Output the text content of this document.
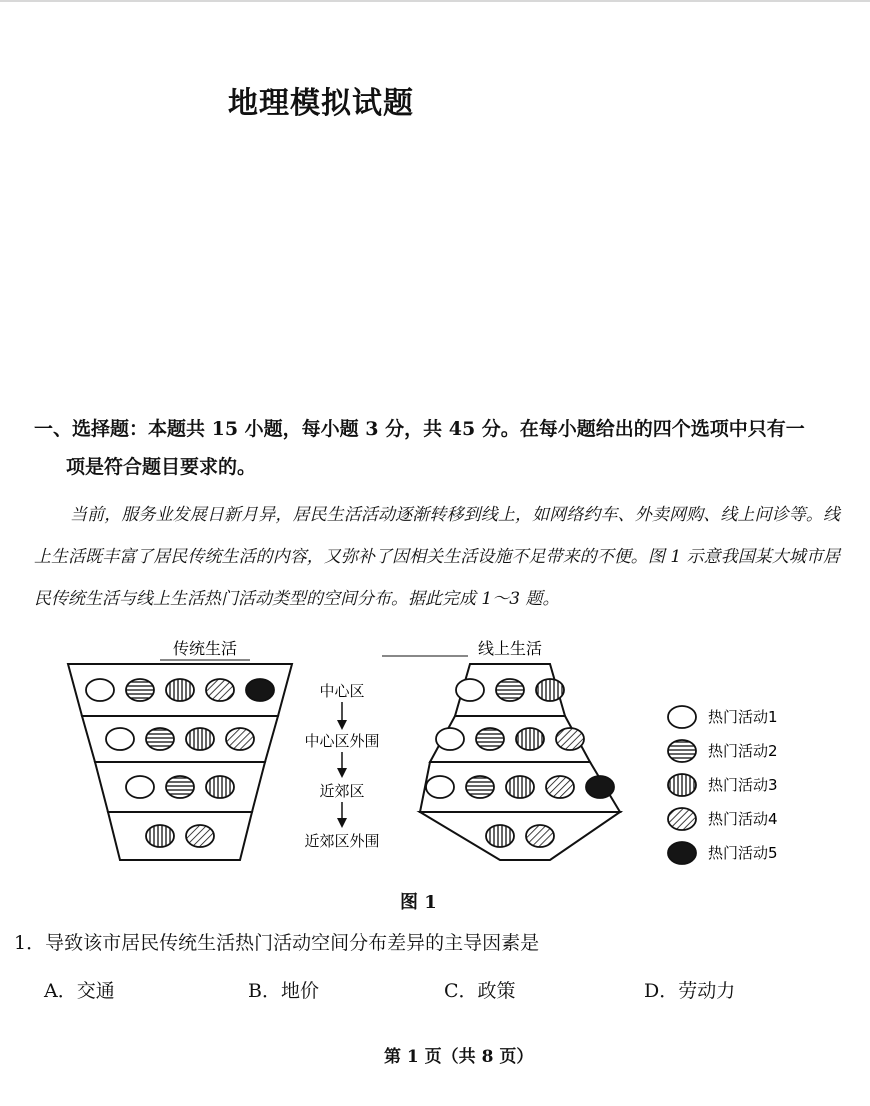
地理模拟试题
一、选择题：本题共 15 小题，每小题 3 分，共 45 分。在每小题给出的四个选项中只有一
项是符合题目要求的。
当前，服务业发展日新月异，居民生活活动逐渐转移到线上，如网络约车、外卖网购、线上问诊等。线上生活既丰富了居民传统生活的内容，又弥补了因相关生活设施不足带来的不便。图 1 示意我国某大城市居民传统生活与线上生活热门活动类型的空间分布。据此完成 1～3 题。
传统生活
中心区
中心区外围
近郊区
近郊区外围
线上生活
热门活动1
热门活动2
热门活动3
热门活动4
热门活动5
图 1
1．导致该市居民传统生活热门活动空间分布差异的主导因素是
A．交通	B．地价	C．政策	D．劳动力
第 1 页（共 8 页）
